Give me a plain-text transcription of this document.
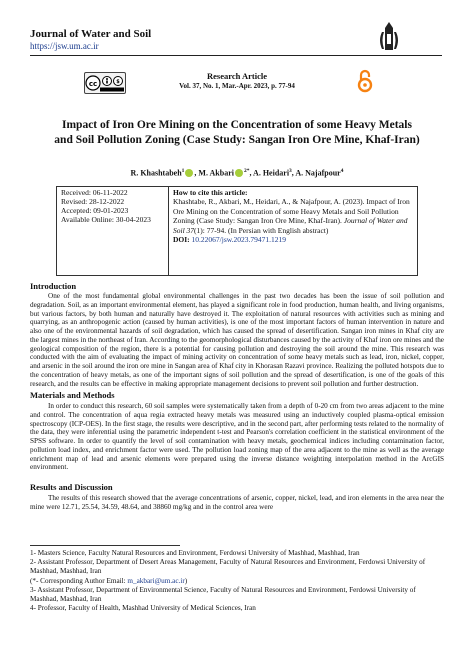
Journal of Water and Soil
https://jsw.um.ac.ir
cc	$
Research Article
Vol. 37, No. 1, Mar.-Apr. 2023, p. 77-94
Impact of Iron Ore Mining on the Concentration of some Heavy Metals and Soil Pollution Zoning (Case Study: Sangan Iron Ore Mine, Khaf-Iran)
R. Khashtabeh$^1$ , M. Akbari $^{2*}$, A. Heidari$^3$, A. Najafpour$^4$
Received: 06-11-2022
Revised: 28-12-2022
Accepted: 09-01-2023
Available Online: 30-04-2023
How to cite this article:
Khashtabe, R., Akbari, M., Heidari, A., & Najafpour, A. (2023). Impact of Iron Ore Mining on the Concentration of some Heavy Metals and Soil Pollution Zoning (Case Study: Sangan Iron Ore Mine, Khaf-Iran). Journal of Water and Soil 37(1): 77-94. (In Persian with English abstract)
DOI: 10.22067/jsw.2023.79471.1219
Introduction
One of the most fundamental global environmental challenges in the past two decades has been the issue of soil pollution and degradation. Soil, as an important environmental element, has played a significant role in food production, human health, and living organisms, but various factors, by both human and naturally have destroyed it. The exploitation of natural resources with activities such as mining and quarrying, as an anthropogenic action (caused by human activities), is one of the most important factors of human intervention in nature and also one of the environmental hazards of soil degradation, which has caused the spread of desertification. Sangan iron mines in Khaf city are the largest mines in the northeast of Iran. According to the geomorphological disturbances caused by the activity of Khaf iron ore mines and the geological composition of the region, there is a potential for causing pollution and destroying the soil around the mine. This research was conducted with the aim of evaluating the impact of mining activity on concentration of some heavy metals such as lead, iron, nickel, copper, and arsenic in the soil around the iron ore mine in Sangan area of Khaf city in Khorasan Razavi province. Realizing the polluted hotspots due to the concentration of heavy metals, as one of the important signs of soil pollution and the spread of desertification, is one of the goals of this research, and the results can be effective in making appropriate management decisions to prevent soil pollution and further destruction.
Materials and Methods
In order to conduct this research, 60 soil samples were systematically taken from a depth of 0-20 cm from two areas adjacent to the mine and control. The concentration of aqua regia extracted heavy metals was measured using an inductively coupled plasma-optical emission spectroscopy (ICP-OES). In the first stage, the results were descriptive, and in the second part, after performing tests related to the normality of the data, they were inferential using the parametric independent t-test and Pearson's correlation coefficient in the statistical environment of the SPSS software. In order to quantify the level of soil contamination with heavy metals, geochemical indices including contamination factor, pollution load index, and enrichment factor were used. The pollution load zoning map of the area adjacent to the mine as well as the average enrichment map of lead and arsenic elements were prepared using the inverse distance weighting interpolation method in the ArcGIS environment.
Results and Discussion
The results of this research showed that the average concentrations of arsenic, copper, nickel, lead, and iron elements in the area near the mine were 12.71, 25.54, 34.59, 48.64, and 38860 mg/kg and in the control area were
1- Masters Science, Faculty Natural Resources and Environment, Ferdowsi University of Mashhad, Mashhad, Iran
2- Assistant Professor, Department of Desert Areas Management, Faculty of Natural Resources and Environment, Ferdowsi University of Mashhad, Mashhad, Iran
(*- Corresponding Author Email: m_akbari@um.ac.ir)
3- Assistant Professor, Department of Environmental Science, Faculty of Natural Resources and Environment, Ferdowsi University of Mashhad, Mashhad, Iran
4- Professor, Faculty of Health, Mashhad University of Medical Sciences, Iran
